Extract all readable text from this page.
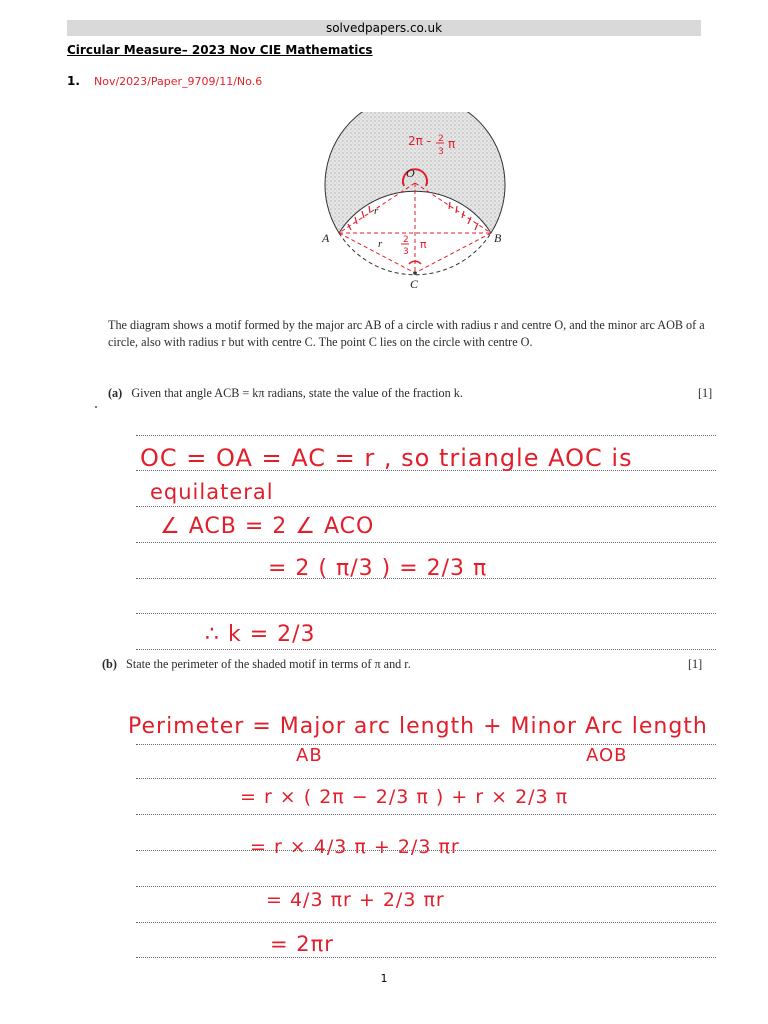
solvedpapers.co.uk
Circular Measure– 2023 Nov CIE Mathematics
1. Nov/2023/Paper_9709/11/No.6
2π - 2
3
π
2
3
π
O
A	B
C
r
r
The diagram shows a motif formed by the major arc AB of a circle with radius r and centre O, and the minor arc AOB of a circle, also with radius r but with centre C. The point C lies on the circle with centre O.
(a) Given that angle ACB = kπ radians, state the value of the fraction k.	[1]
OC = OA = AC = r , so triangle AOC is
equilateral
∠ ACB = 2 ∠ ACO
= 2 ( π/3 ) = 2/3 π
∴ k = 2/3
(b) State the perimeter of the shaded motif in terms of π and r.	[1]
Perimeter = Major arc length + Minor Arc length
AB	AOB
= r × ( 2π − 2/3 π ) + r × 2/3 π
= r × 4/3 π + 2/3 πr
= 4/3 πr + 2/3 πr
= 2πr
1
